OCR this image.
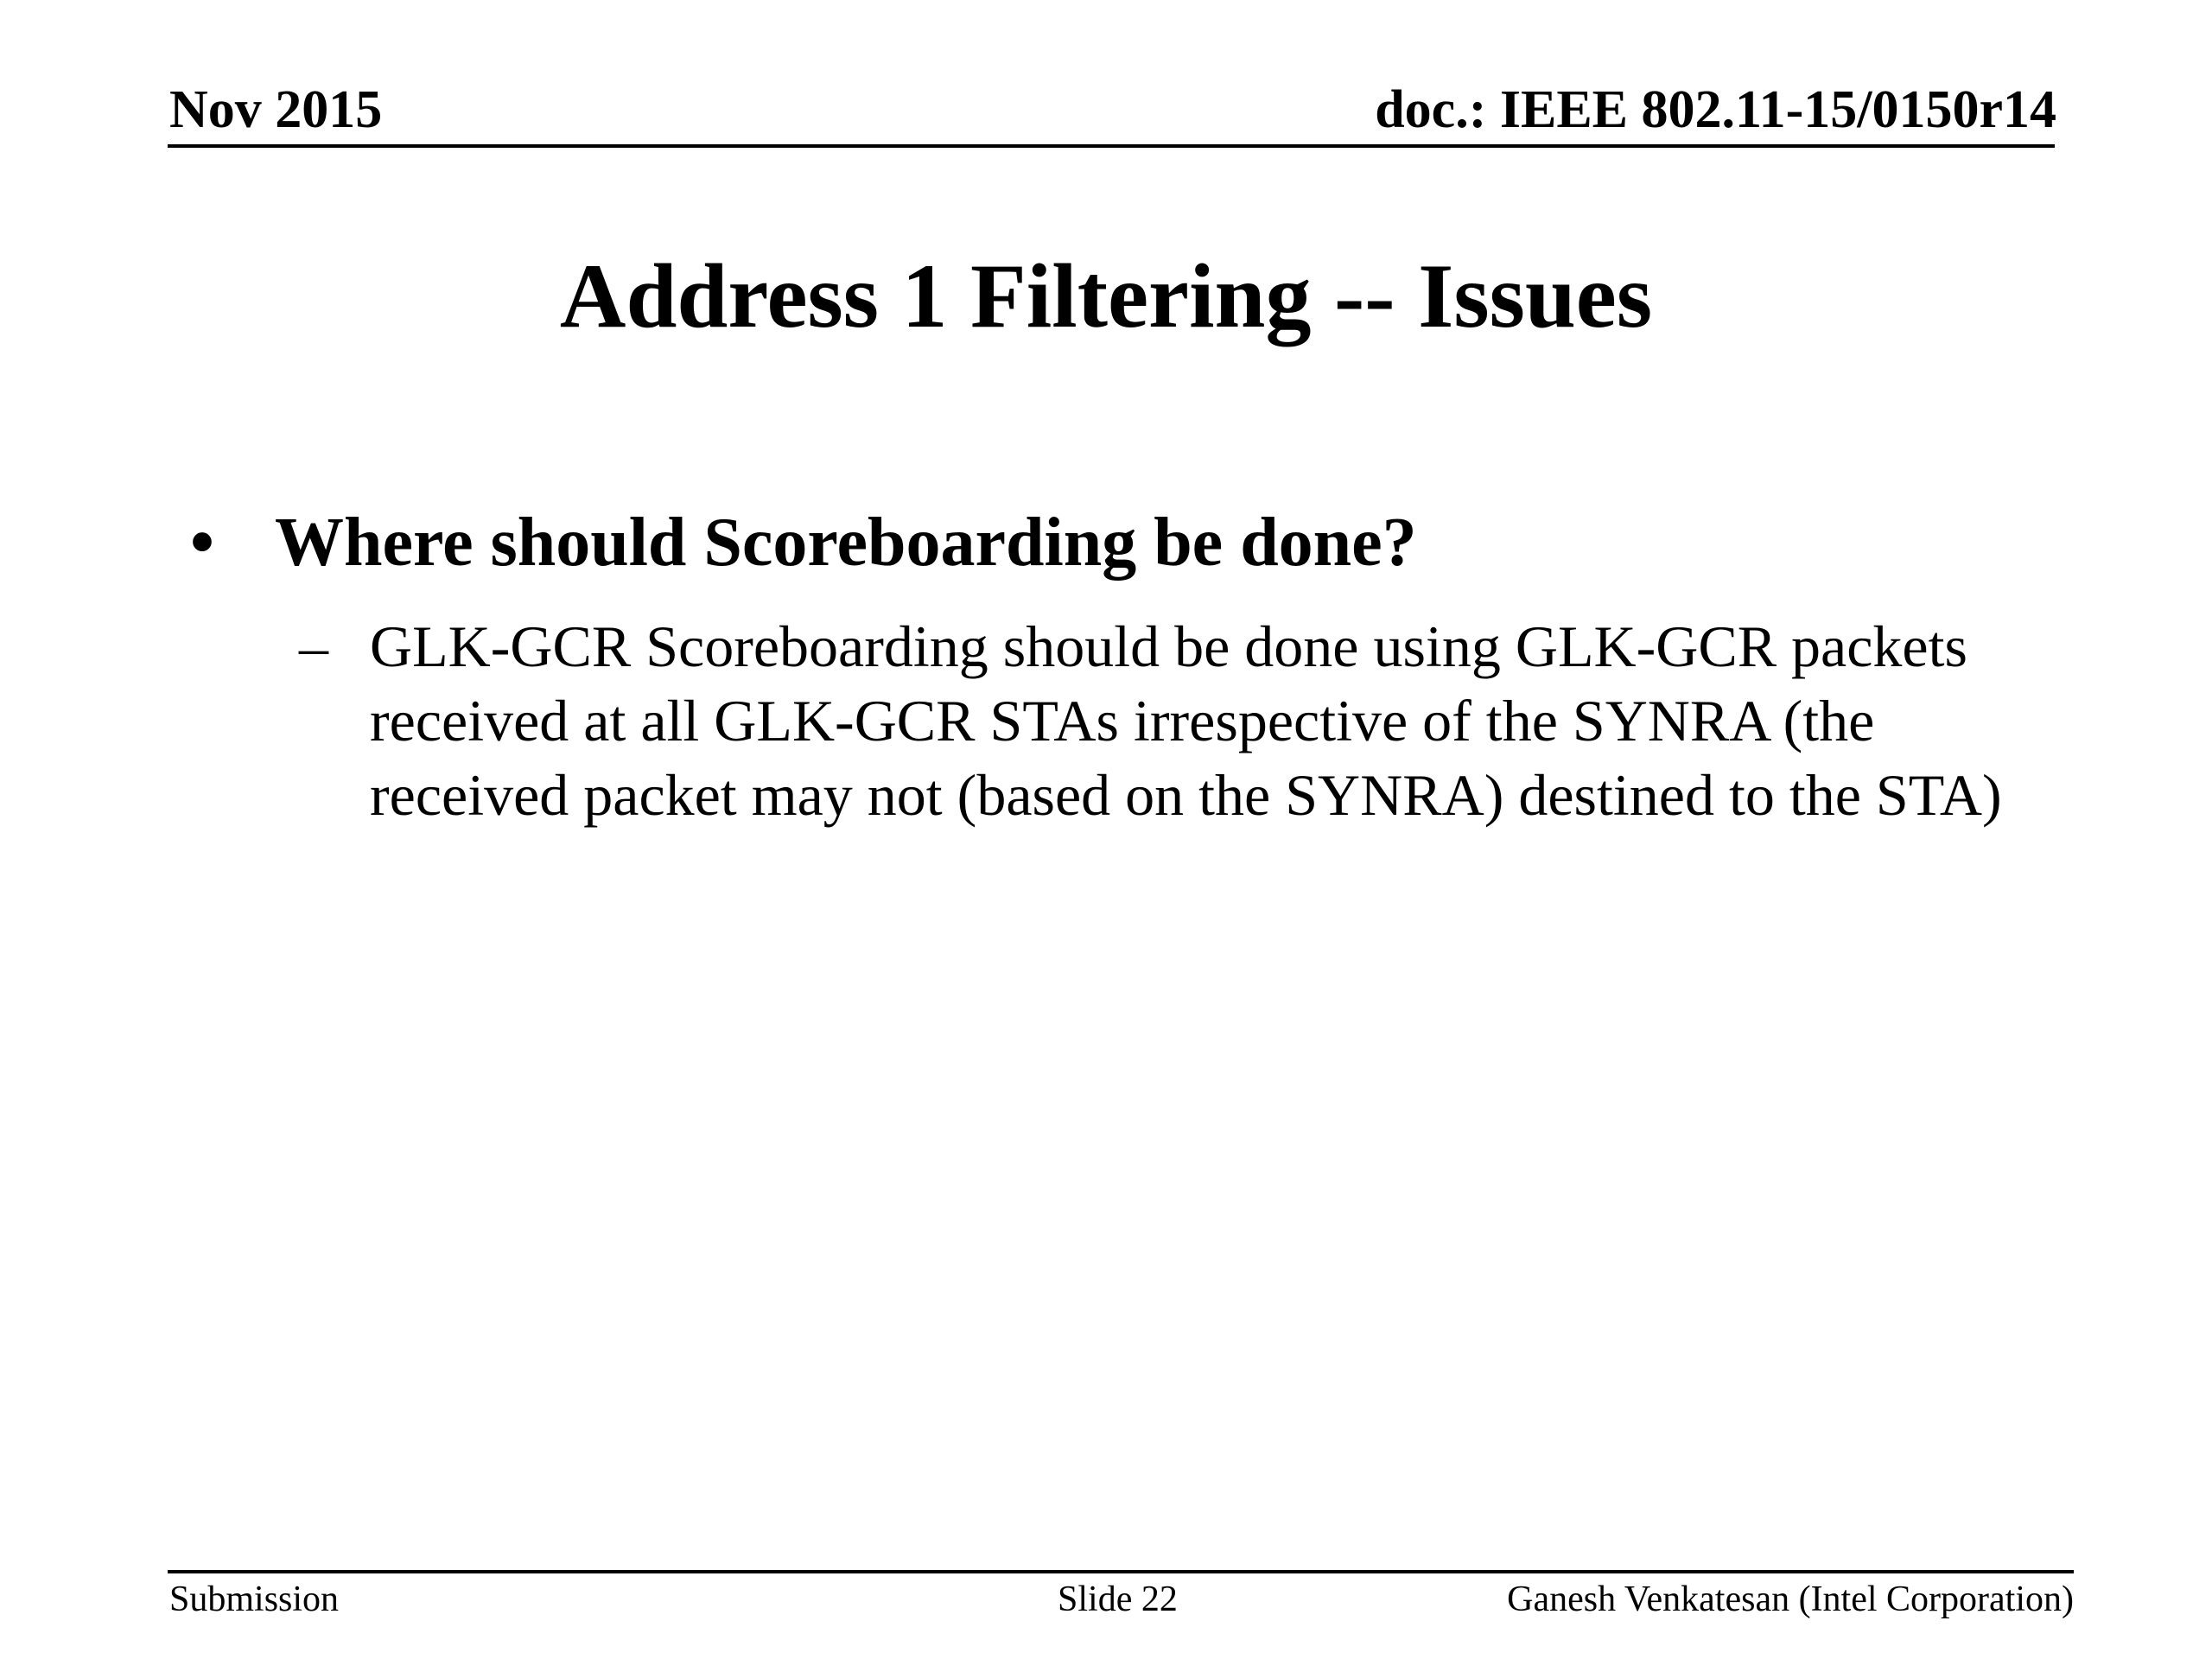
Nov 2015	doc.: IEEE 802.11-15/0150r14
Address 1 Filtering -- Issues
• Where should Scoreboarding be done?
– GLK-GCR Scoreboarding should be done using GLK-GCR packets received at all GLK-GCR STAs irrespective of the SYNRA (the received packet may not (based on the SYNRA) destined to the STA)
Submission	Slide 22	Ganesh Venkatesan (Intel Corporation)
